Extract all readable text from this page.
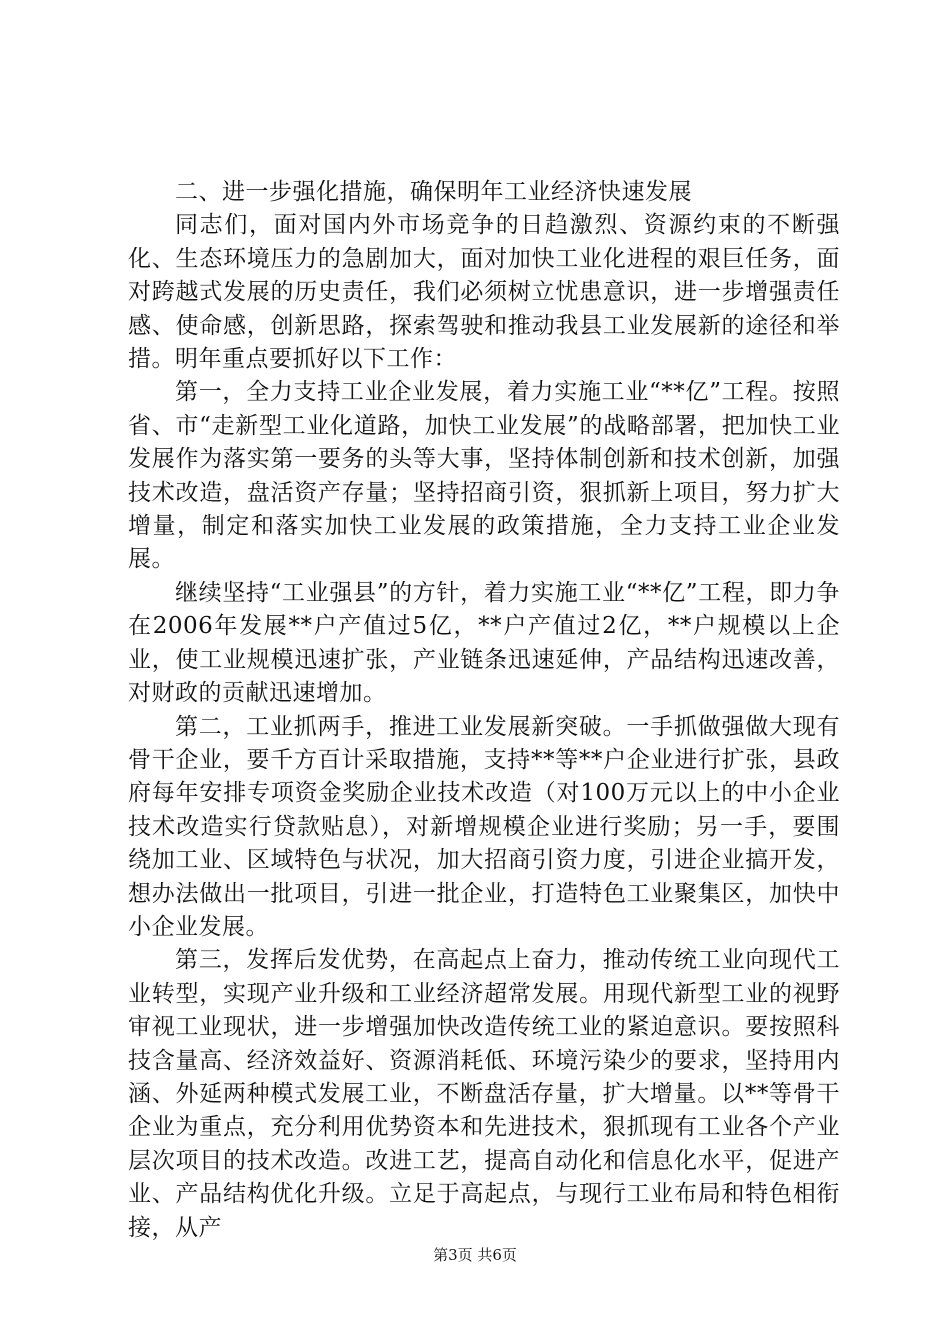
二、进一步强化措施，确保明年工业经济快速发展

同志们，面对国内外市场竞争的日趋激烈、资源约束的不断强化、生态环境压力的急剧加大，面对加快工业化进程的艰巨任务，面对跨越式发展的历史责任，我们必须树立忧患意识，进一步增强责任感、使命感，创新思路，探索驾驶和推动我县工业发展新的途径和举措。明年重点要抓好以下工作：

第一，全力支持工业企业发展，着力实施工业“**亿”工程。按照省、市“走新型工业化道路，加快工业发展”的战略部署，把加快工业发展作为落实第一要务的头等大事，坚持体制创新和技术创新，加强技术改造，盘活资产存量；坚持招商引资，狠抓新上项目，努力扩大增量，制定和落实加快工业发展的政策措施，全力支持工业企业发展。

继续坚持“工业强县”的方针，着力实施工业“**亿”工程，即力争在2006年发展**户产值过5亿，**户产值过2亿，**户规模以上企业，使工业规模迅速扩张，产业链条迅速延伸，产品结构迅速改善，对财政的贡献迅速增加。

第二，工业抓两手，推进工业发展新突破。一手抓做强做大现有骨干企业，要千方百计采取措施，支持**等**户企业进行扩张，县政府每年安排专项资金奖励企业技术改造（对100万元以上的中小企业技术改造实行贷款贴息），对新增规模企业进行奖励；另一手，要围绕加工业、区域特色与状况，加大招商引资力度，引进企业搞开发，想办法做出一批项目，引进一批企业，打造特色工业聚集区，加快中小企业发展。

第三，发挥后发优势，在高起点上奋力，推动传统工业向现代工业转型，实现产业升级和工业经济超常发展。用现代新型工业的视野审视工业现状，进一步增强加快改造传统工业的紧迫意识。要按照科技含量高、经济效益好、资源消耗低、环境污染少的要求，坚持用内涵、外延两种模式发展工业，不断盘活存量，扩大增量。以**等骨干企业为重点，充分利用优势资本和先进技术，狠抓现有工业各个产业层次项目的技术改造。改进工艺，提高自动化和信息化水平，促进产业、产品结构优化升级。立足于高起点，与现行工业布局和特色相衔接，从产

第3页 共6页
